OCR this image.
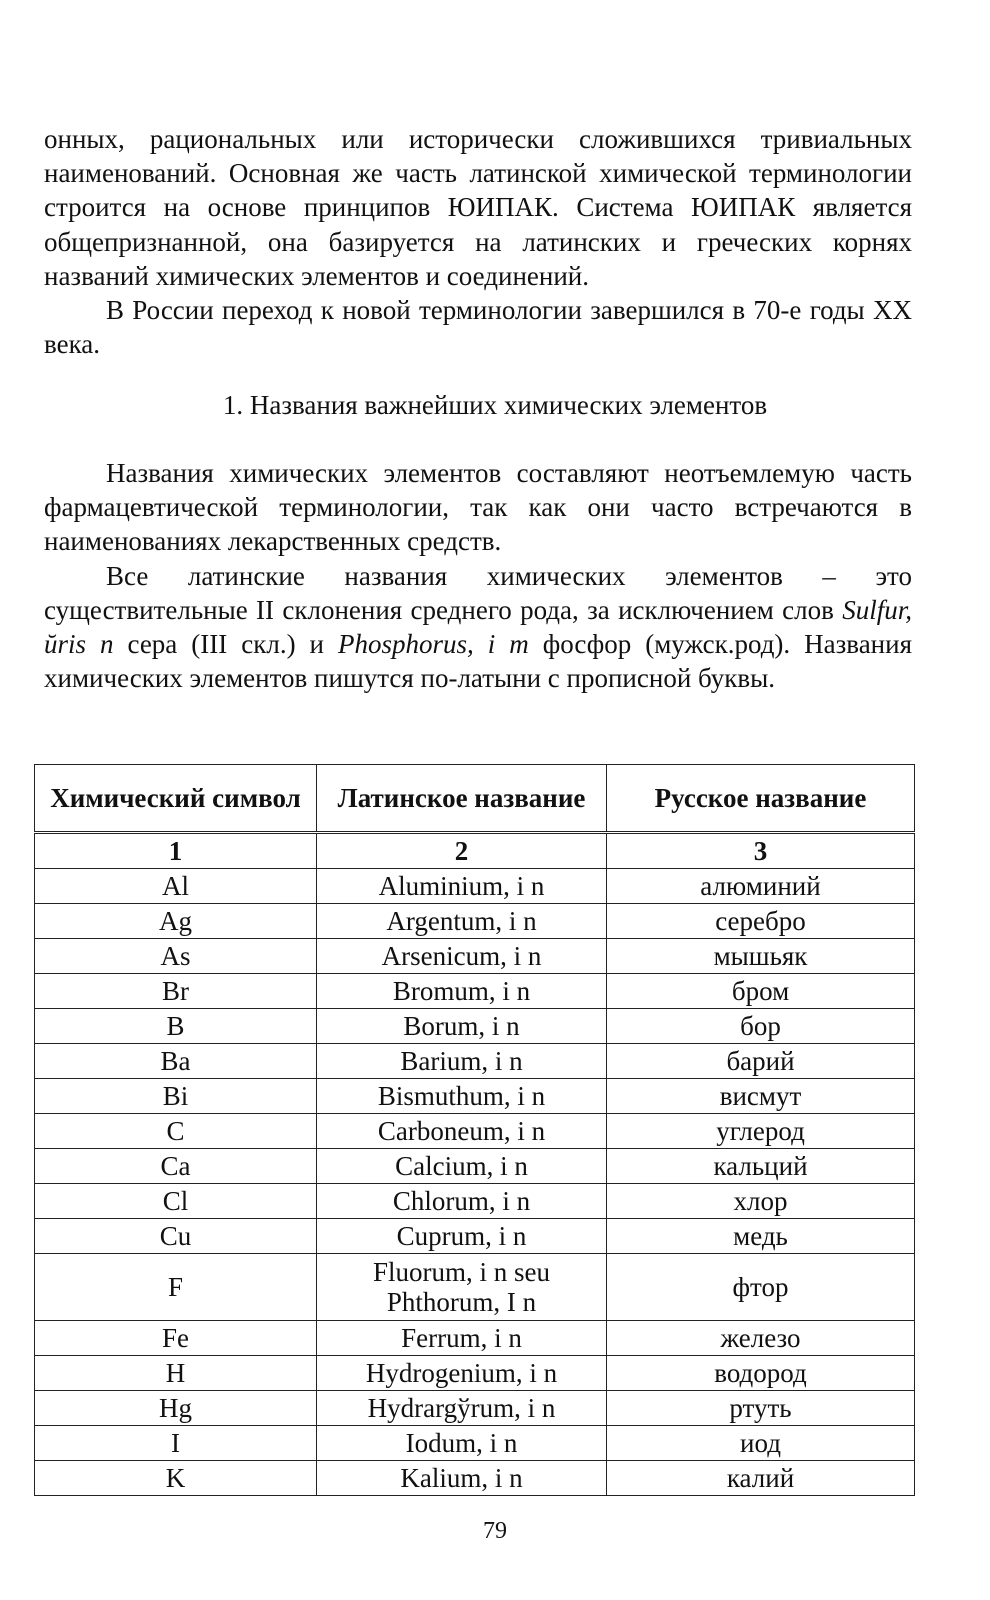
онных, рациональных или исторически сложившихся тривиальных наименований. Основная же часть латинской химической терминологии строится на основе принципов ЮИПАК. Система ЮИПАК является общепризнанной, она базируется на латинских и греческих корнях названий химических элементов и соединений.

В России переход к новой терминологии завершился в 70-е годы XX века.

1. Названия важнейших химических элементов

Названия химических элементов составляют неотъемлемую часть фармацевтической терминологии, так как они часто встречаются в наименованиях лекарственных средств.

Все латинские названия химических элементов – это существительные II склонения среднего рода, за исключением слов Sulfur, ŭris n сера (III скл.) и Phosphorus, i m фосфор (мужск.род). Названия химических элементов пишутся по-латыни с прописной буквы.

Химический символ	Латинское название	Русское название
1	2	3
Al	Aluminium, i n	алюминий
Ag	Argentum, i n	серебро
As	Arsenicum, i n	мышьяк
Br	Bromum, i n	бром
B	Borum, i n	бор
Ba	Barium, i n	барий
Bi	Bismuthum, i n	висмут
C	Carboneum, i n	углерод
Ca	Calcium, i n	кальций
Cl	Chlorum, i n	хлор
Cu	Cuprum, i n	медь
F	Fluorum, i n seu Phthorum, I n	фтор
Fe	Ferrum, i n	железо
H	Hydrogenium, i n	водород
Hg	Hydrargўrum, i n	ртуть
I	Iodum, i n	иод
K	Kalium, i n	калий
79
